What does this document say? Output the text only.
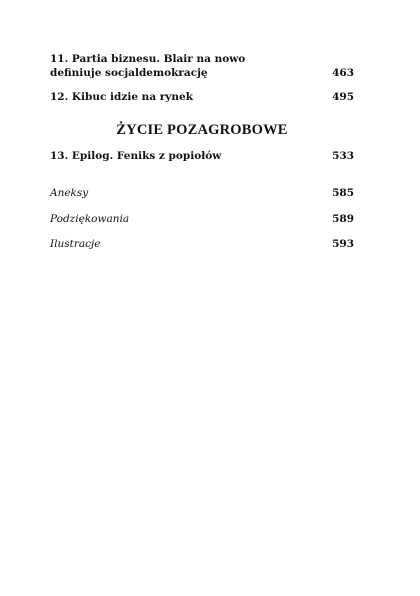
11. Partia biznesu. Blair na nowo definiuje socjaldemokrację	463
12. Kibuc idzie na rynek	495
ŻYCIE POZAGROBOWE
13. Epilog. Feniks z popiołów	533
Aneksy	585
Podziękowania	589
Ilustracje	593
